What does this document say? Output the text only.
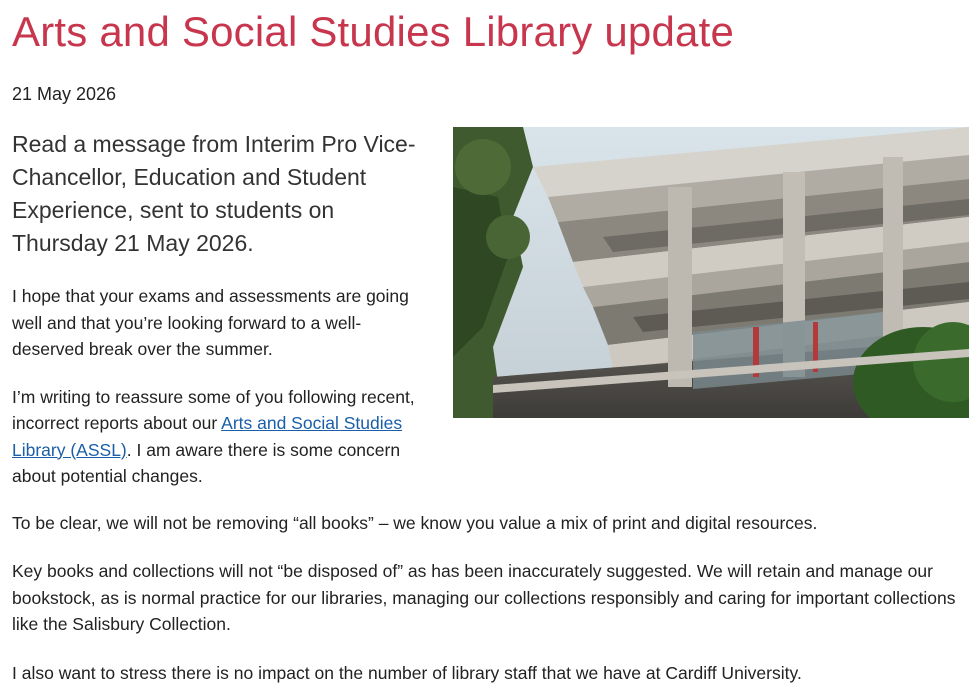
Arts and Social Studies Library update
21 May 2026

Read a message from Interim Pro Vice-Chancellor, Education and Student Experience, sent to students on Thursday 21 May 2026.

I hope that your exams and assessments are going well and that you’re looking forward to a well-deserved break over the summer.

I’m writing to reassure some of you following recent, incorrect reports about our Arts and Social Studies Library (ASSL). I am aware there is some concern about potential changes.

To be clear, we will not be removing “all books” – we know you value a mix of print and digital resources.

Key books and collections will not “be disposed of” as has been inaccurately suggested. We will retain and manage our bookstock, as is normal practice for our libraries, managing our collections responsibly and caring for important collections like the Salisbury Collection.

I also want to stress there is no impact on the number of library staff that we have at Cardiff University.
